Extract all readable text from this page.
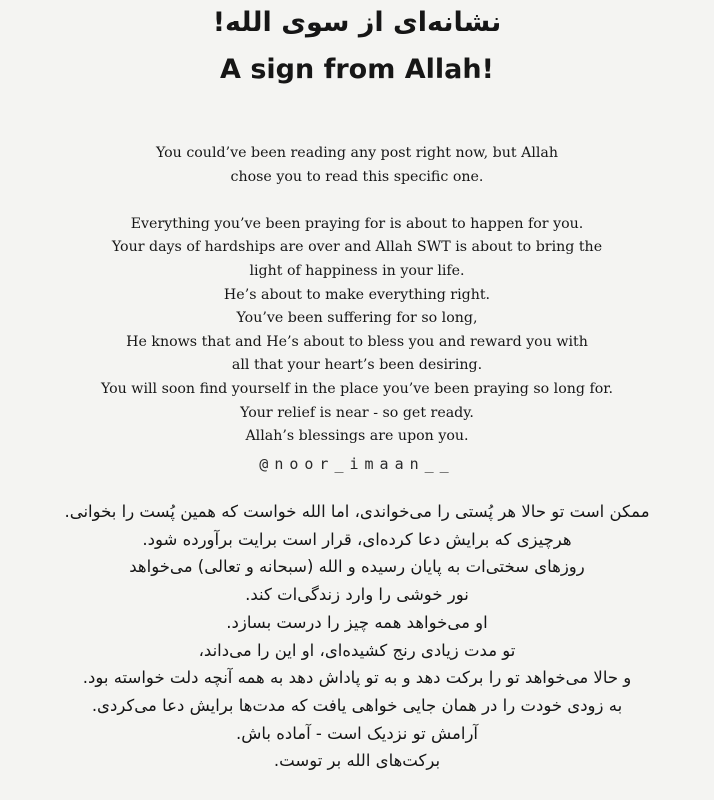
نشانه‌ای از سوی الله!
A sign from Allah!
You could’ve been reading any post right now, but Allah
chose you to read this specific one.
Everything you’ve been praying for is about to happen for you.
Your days of hardships are over and Allah SWT is about to bring the
light of happiness in your life.
He’s about to make everything right.
You’ve been suffering for so long,
He knows that and He’s about to bless you and reward you with
all that your heart’s been desiring.
You will soon find yourself in the place you’ve been praying so long for.
Your relief is near - so get ready.
Allah’s blessings are upon you.
@noor_imaan__
ممکن است تو حالا هر پُستی را می‌خواندی، اما الله خواست که همین پُست را بخوانی.
هرچیزی که برایش دعا کرده‌ای، قرار است برایت برآورده شود.
روزهای سختی‌ات به پایان رسیده و الله (سبحانه و تعالی) می‌خواهد
نور خوشی را وارد زندگی‌ات کند.
او می‌خواهد همه چیز را درست بسازد.
تو مدت زیادی رنج کشیده‌ای، او این را می‌داند،
و حالا می‌خواهد تو را برکت دهد و به تو پاداش دهد به همه آنچه دلت خواسته بود.
به زودی خودت را در همان جایی خواهی یافت که مدت‌ها برایش دعا می‌کردی.
آرامش تو نزدیک است - آماده باش.
برکت‌های الله بر توست.
